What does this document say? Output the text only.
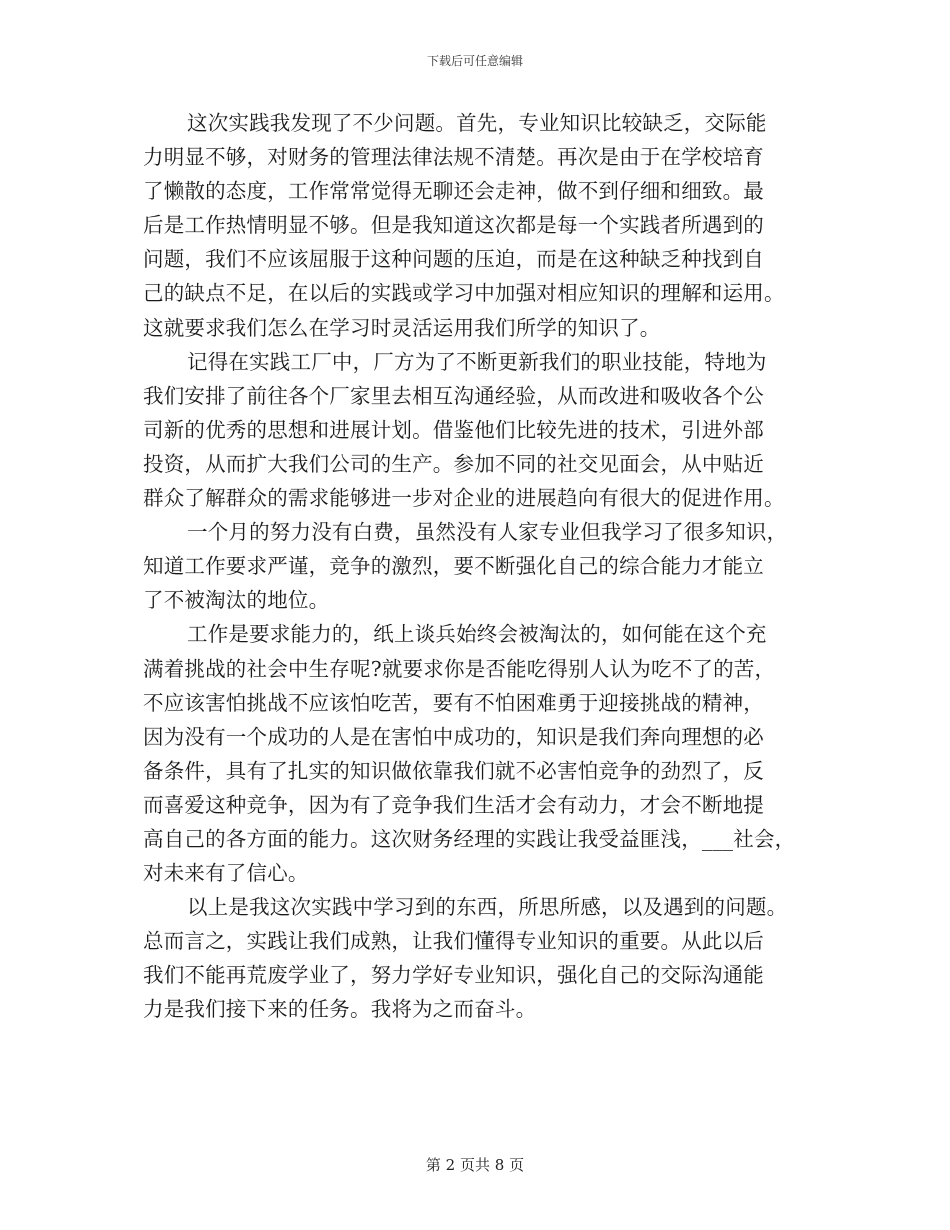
下载后可任意编辑
这次实践我发现了不少问题。首先，专业知识比较缺乏，交际能
力明显不够，对财务的管理法律法规不清楚。再次是由于在学校培育
了懒散的态度，工作常常觉得无聊还会走神，做不到仔细和细致。最
后是工作热情明显不够。但是我知道这次都是每一个实践者所遇到的
问题，我们不应该屈服于这种问题的压迫，而是在这种缺乏种找到自
己的缺点不足，在以后的实践或学习中加强对相应知识的理解和运用。
这就要求我们怎么在学习时灵活运用我们所学的知识了。
记得在实践工厂中，厂方为了不断更新我们的职业技能，特地为
我们安排了前往各个厂家里去相互沟通经验，从而改进和吸收各个公
司新的优秀的思想和进展计划。借鉴他们比较先进的技术，引进外部
投资，从而扩大我们公司的生产。参加不同的社交见面会，从中贴近
群众了解群众的需求能够进一步对企业的进展趋向有很大的促进作用。
一个月的努力没有白费，虽然没有人家专业但我学习了很多知识，
知道工作要求严谨，竞争的激烈，要不断强化自己的综合能力才能立
了不被淘汰的地位。
工作是要求能力的，纸上谈兵始终会被淘汰的，如何能在这个充
满着挑战的社会中生存呢?就要求你是否能吃得别人认为吃不了的苦，
不应该害怕挑战不应该怕吃苦，要有不怕困难勇于迎接挑战的精神，
因为没有一个成功的人是在害怕中成功的，知识是我们奔向理想的必
备条件，具有了扎实的知识做依靠我们就不必害怕竞争的劲烈了，反
而喜爱这种竞争，因为有了竞争我们生活才会有动力，才会不断地提
高自己的各方面的能力。这次财务经理的实践让我受益匪浅，___社会，
对未来有了信心。
以上是我这次实践中学习到的东西，所思所感，以及遇到的问题。
总而言之，实践让我们成熟，让我们懂得专业知识的重要。从此以后
我们不能再荒废学业了，努力学好专业知识，强化自己的交际沟通能
力是我们接下来的任务。我将为之而奋斗。
第 2 页共 8 页
